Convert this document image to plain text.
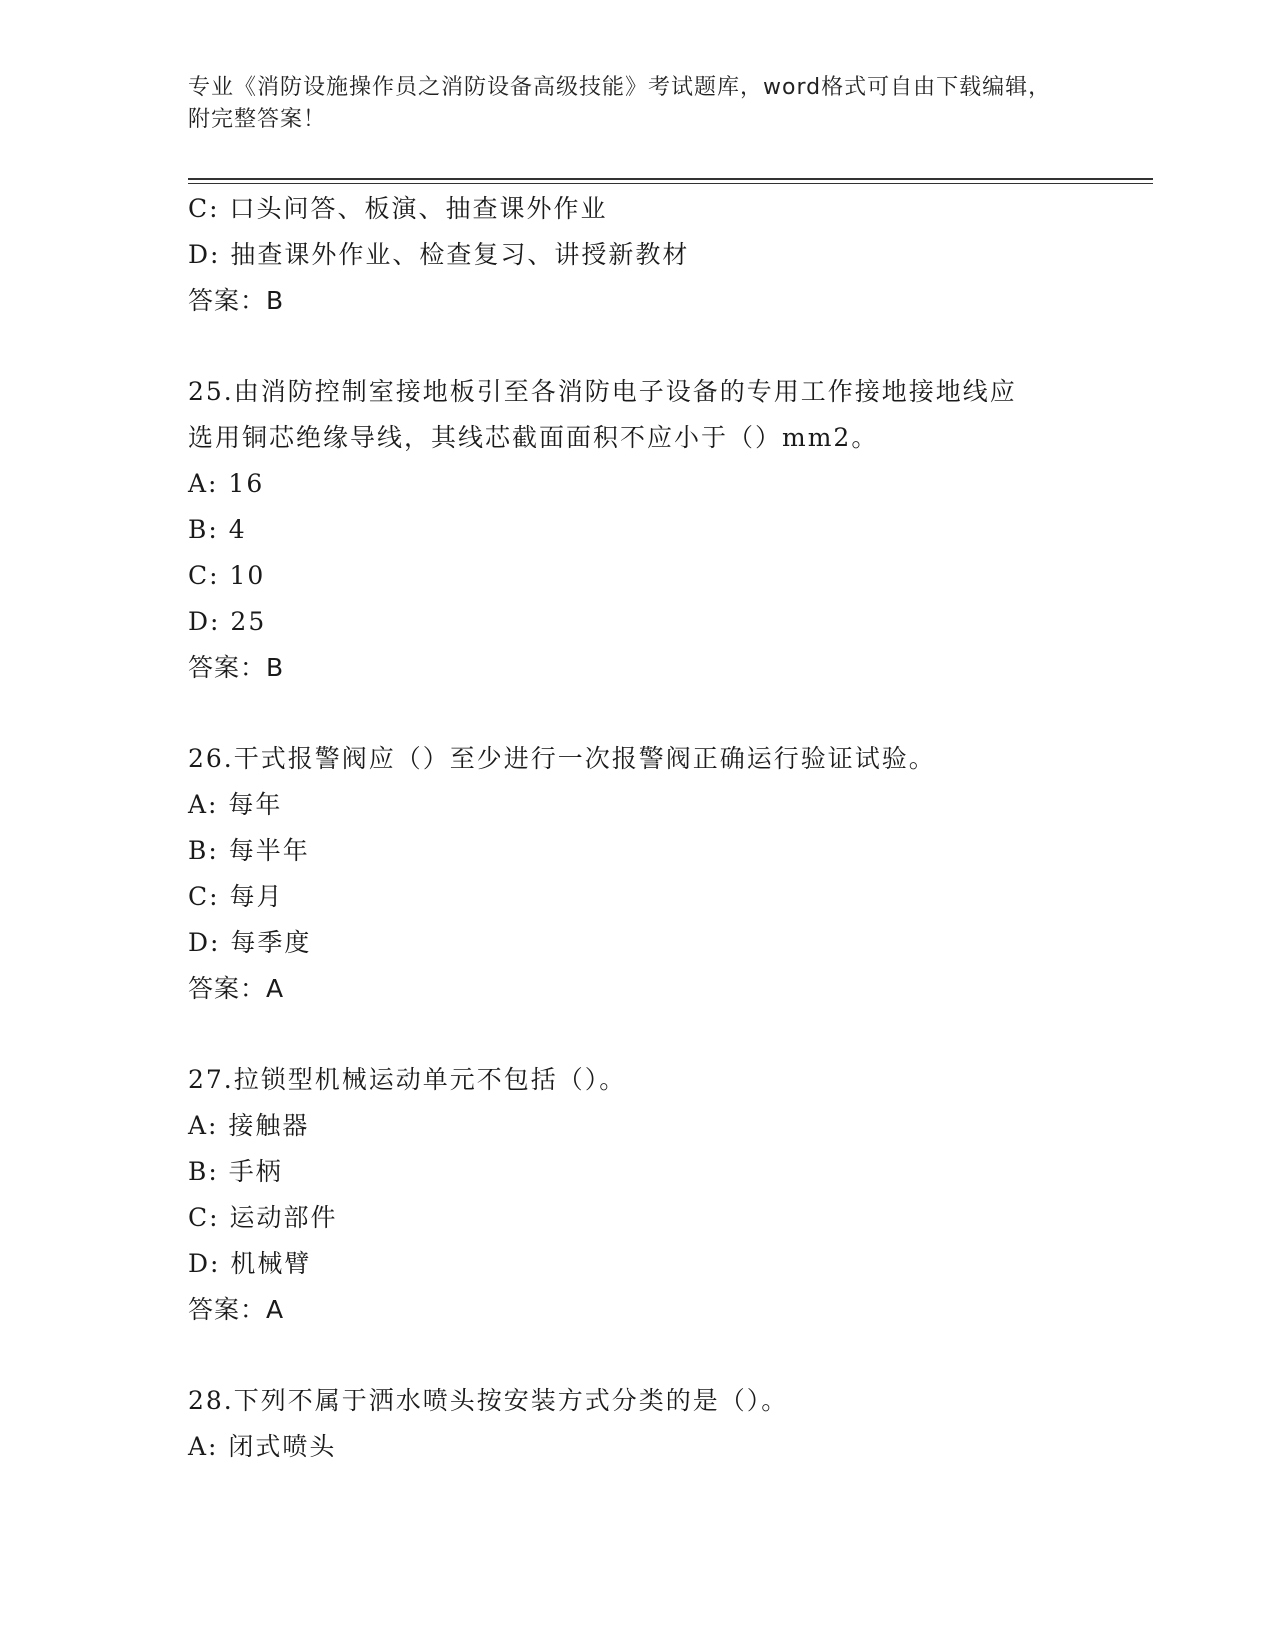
专业《消防设施操作员之消防设备高级技能》考试题库，word格式可自由下载编辑，附完整答案！
C: 口头问答、板演、抽查课外作业
D: 抽查课外作业、检查复习、讲授新教材
答案：B
25.由消防控制室接地板引至各消防电子设备的专用工作接地接地线应
选用铜芯绝缘导线，其线芯截面面积不应小于（）mm2。
A: 16
B: 4
C: 10
D: 25
答案：B
26.干式报警阀应（）至少进行一次报警阀正确运行验证试验。
A: 每年
B: 每半年
C: 每月
D: 每季度
答案：A
27.拉锁型机械运动单元不包括（）。
A: 接触器
B: 手柄
C: 运动部件
D: 机械臂
答案：A
28.下列不属于洒水喷头按安装方式分类的是（）。
A: 闭式喷头
